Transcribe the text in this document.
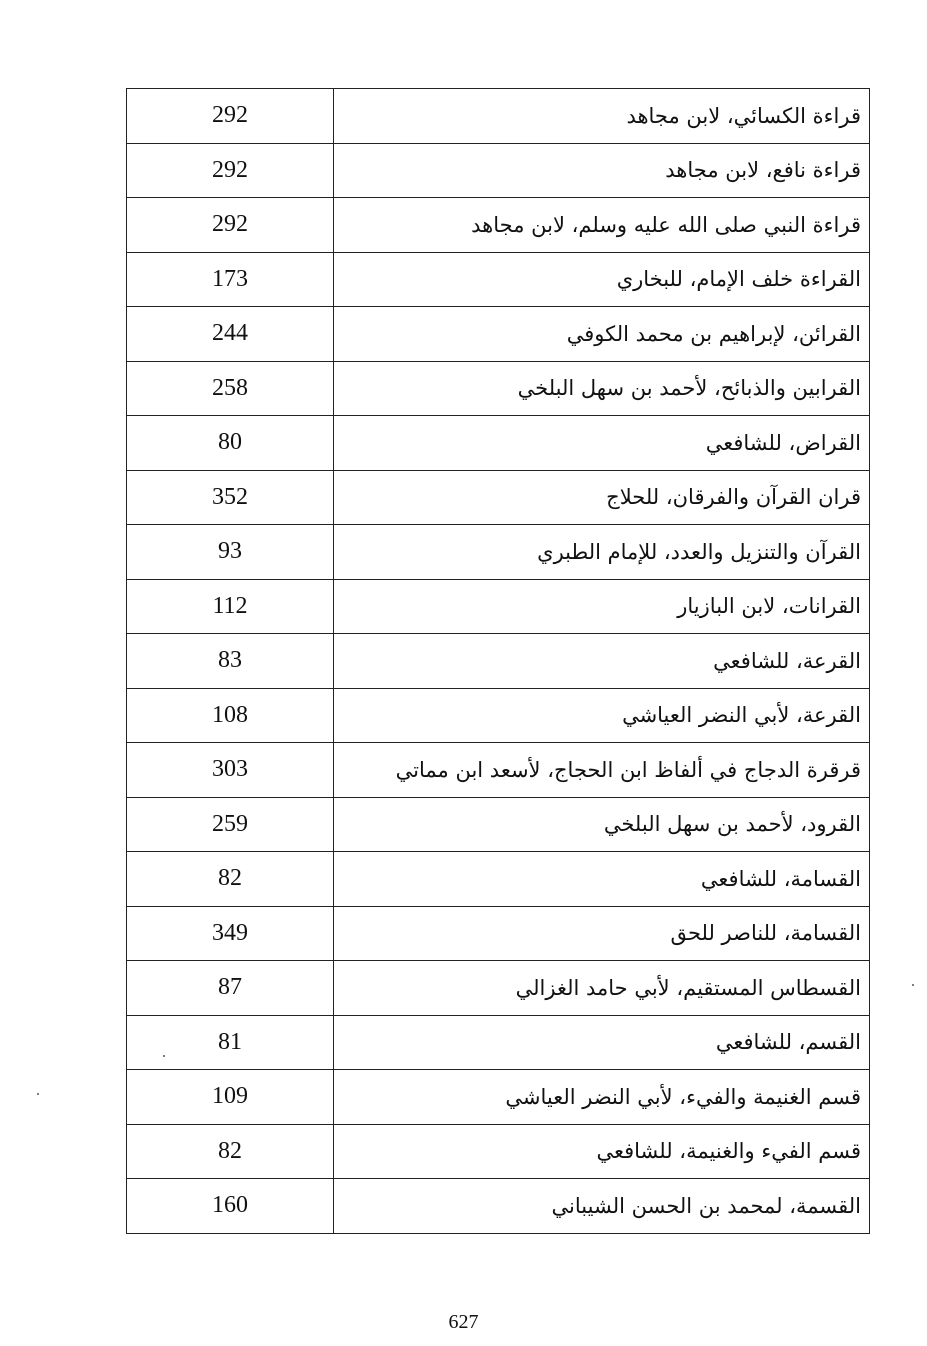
292	قراءة الكسائي، لابن مجاهد
292	قراءة نافع، لابن مجاهد
292	قراءة النبي صلى الله عليه وسلم، لابن مجاهد
173	القراءة خلف الإمام، للبخاري
244	القرائن، لإبراهيم بن محمد الكوفي
258	القرابين والذبائح، لأحمد بن سهل البلخي
80	القراض، للشافعي
352	قران القرآن والفرقان، للحلاج
93	القرآن والتنزيل والعدد، للإمام الطبري
112	القرانات، لابن البازيار
83	القرعة، للشافعي
108	القرعة، لأبي النضر العياشي
303	قرقرة الدجاج في ألفاظ ابن الحجاج، لأسعد ابن مماتي
259	القرود، لأحمد بن سهل البلخي
82	القسامة، للشافعي
349	القسامة، للناصر للحق
87	القسطاس المستقيم، لأبي حامد الغزالي
81	القسم، للشافعي
109	قسم الغنيمة والفيء، لأبي النضر العياشي
82	قسم الفيء والغنيمة، للشافعي
160	القسمة، لمحمد بن الحسن الشيباني
627
